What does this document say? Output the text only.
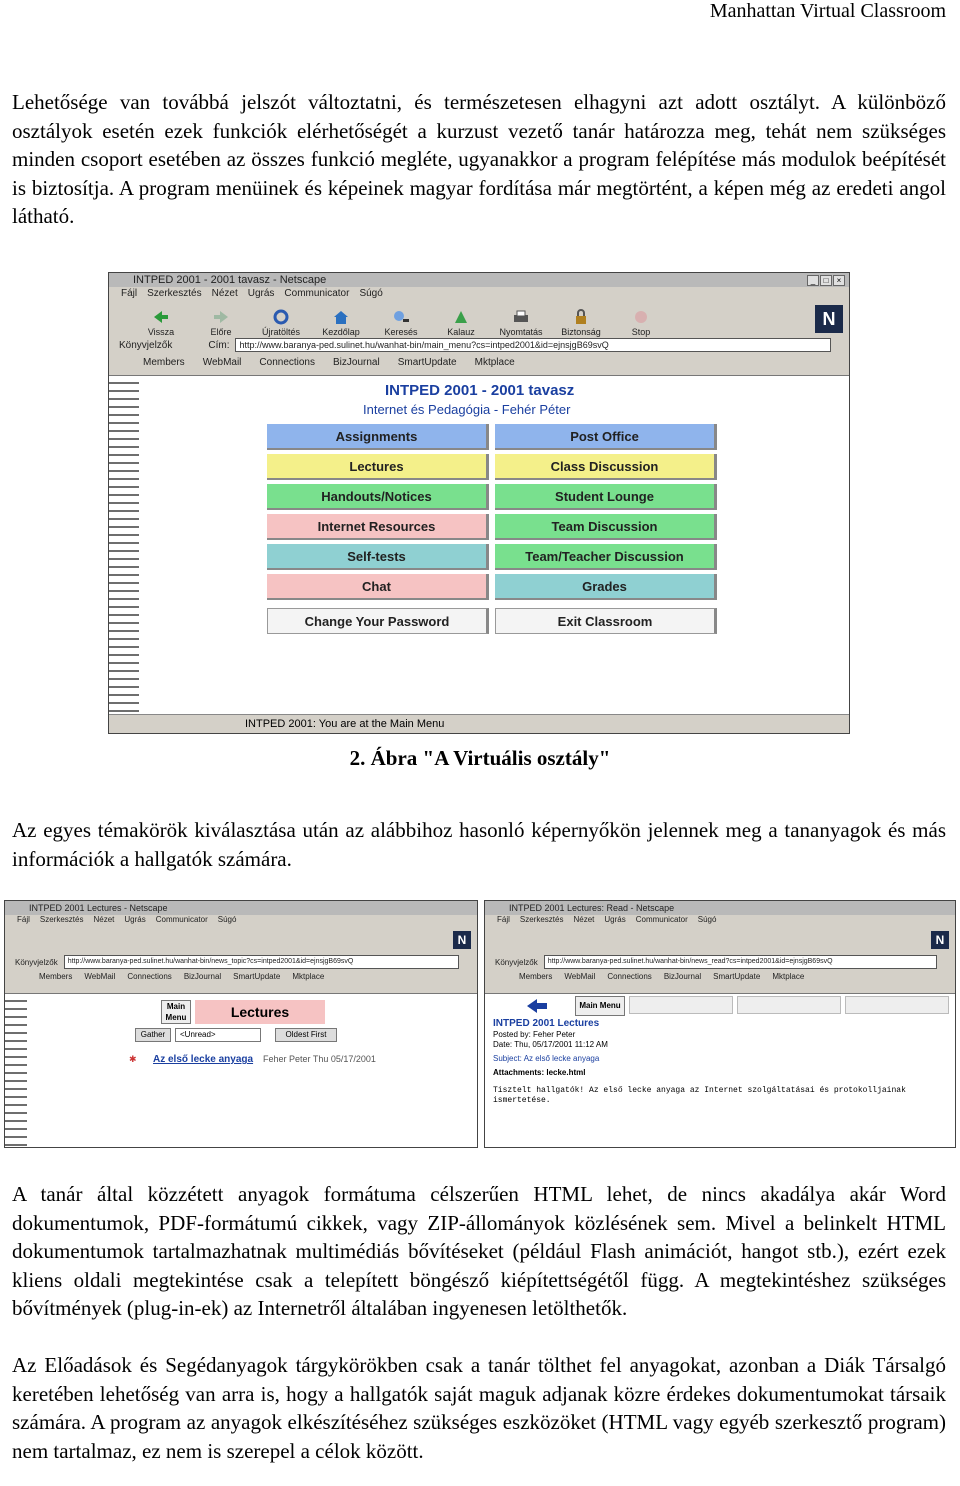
Manhattan Virtual Classroom

Lehetősége van továbbá jelszót változtatni, és természetesen elhagyni azt adott osztályt. A különböző osztályok esetén ezek funkciók elérhetőségét a kurzust vezető tanár határozza meg, tehát nem szükséges minden csoport esetében az összes funkció megléte, ugyanakkor a program felépítése más modulok beépítését is biztosítja. A program menüinek és képeinek magyar fordítása már megtörtént, a képen még az eredeti angol látható.

INTPED 2001 - 2001 tavasz - Netscape	_	□	×
Fájl Szerkesztés Nézet Ugrás Communicator Súgó
Vissza	Előre	Újratöltés Kezdőlap	Keresés	Kalauz	Nyomtatás Biztonság	Stop
N
Könyvjelzők	Cím:	http://www.baranya-ped.sulinet.hu/wanhat-bin/main_menu?cs=intped2001&id=ejnsjgB69svQ
Members WebMail Connections BizJournal SmartUpdate Mktplace
INTPED 2001 - 2001 tavasz
Internet és Pedagógia - Fehér Péter
Assignments	Post Office
Lectures	Class Discussion
Handouts/Notices	Student Lounge
Internet Resources	Team Discussion
Self-tests	Team/Teacher Discussion
Chat	Grades
Change Your Password	Exit Classroom
INTPED 2001: You are at the Main Menu
2. Ábra "A Virtuális osztály"

Az egyes témakörök kiválasztása után az alábbihoz hasonló képernyőkön jelennek meg a tananyagok és más információk a hallgatók számára.

INTPED 2001 Lectures - Netscape
Fájl Szerkesztés Nézet Ugrás Communicator Súgó
N
Könyvjelzők	http://www.baranya-ped.sulinet.hu/wanhat-bin/news_topic?cs=intped2001&id=ejnsjgB69svQ
Members WebMail Connections BizJournal SmartUpdate Mktplace
Main Menu	Lectures
Gather	<Unread>	Oldest First
✱ Az első lecke anyaga Feher Peter Thu 05/17/2001
INTPED 2001 Lectures: Read - Netscape
Fájl Szerkesztés Nézet Ugrás Communicator Súgó
N
Könyvjelzők	http://www.baranya-ped.sulinet.hu/wanhat-bin/news_read?cs=intped2001&id=ejnsjgB69svQ
Members WebMail Connections BizJournal SmartUpdate Mktplace
Main Menu
INTPED 2001 Lectures
Posted by: Feher Peter
Date: Thu, 05/17/2001 11:12 AM
Subject: Az első lecke anyaga
Attachments: lecke.html
Tisztelt hallgatók! Az első lecke anyaga az Internet szolgáltatásai és protokolljainak ismertetése.

A tanár által közzétett anyagok formátuma célszerűen HTML lehet, de nincs akadálya akár Word dokumentumok, PDF-formátumú cikkek, vagy ZIP-állományok közlésének sem. Mivel a belinkelt HTML dokumentumok tartalmazhatnak multimédiás bővítéseket (például Flash animációt, hangot stb.), ezért ezek kliens oldali megtekintése csak a telepített böngésző kiépítettségétől függ. A megtekintéshez szükséges bővítmények (plug-in-ek) az Internetről általában ingyenesen letölthetők.

Az Előadások és Segédanyagok tárgykörökben csak a tanár tölthet fel anyagokat, azonban a Diák Társalgó keretében lehetőség van arra is, hogy a hallgatók saját maguk adjanak közre érdekes dokumentumokat társaik számára. A program az anyagok elkészítéséhez szükséges eszközöket (HTML vagy egyéb szerkesztő program) nem tartalmaz, ez nem is szerepel a célok között.
